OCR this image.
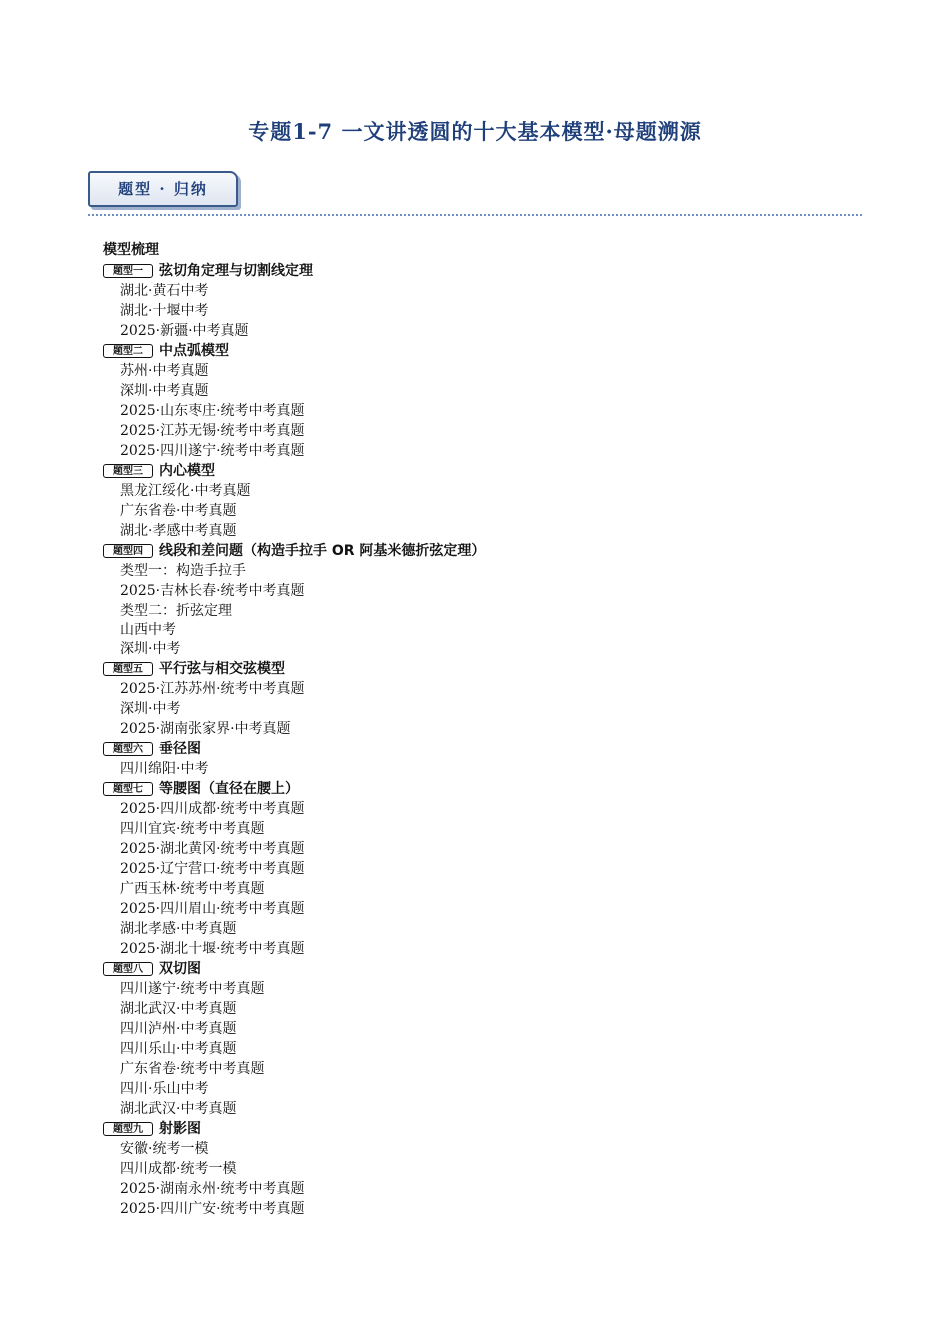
专题1-7 一文讲透圆的十大基本模型·母题溯源
题型 · 归纳
模型梳理
题型一	弦切角定理与切割线定理
湖北·黄石中考
湖北·十堰中考
2025·新疆·中考真题
题型二	中点弧模型
苏州·中考真题
深圳·中考真题
2025·山东枣庄·统考中考真题
2025·江苏无锡·统考中考真题
2025·四川遂宁·统考中考真题
题型三	内心模型
黑龙江绥化·中考真题
广东省卷·中考真题
湖北·孝感中考真题
题型四	线段和差问题（构造手拉手 OR 阿基米德折弦定理）
类型一：构造手拉手
2025·吉林长春·统考中考真题
类型二：折弦定理
山西中考
深圳·中考
题型五	平行弦与相交弦模型
2025·江苏苏州·统考中考真题
深圳·中考
2025·湖南张家界·中考真题
题型六	垂径图
四川绵阳·中考
题型七	等腰图（直径在腰上）
2025·四川成都·统考中考真题
四川宜宾·统考中考真题
2025·湖北黄冈·统考中考真题
2025·辽宁营口·统考中考真题
广西玉林·统考中考真题
2025·四川眉山·统考中考真题
湖北孝感·中考真题
2025·湖北十堰·统考中考真题
题型八	双切图
四川遂宁·统考中考真题
湖北武汉·中考真题
四川泸州·中考真题
四川乐山·中考真题
广东省卷·统考中考真题
四川·乐山中考
湖北武汉·中考真题
题型九	射影图
安徽·统考一模
四川成都·统考一模
2025·湖南永州·统考中考真题
2025·四川广安·统考中考真题
